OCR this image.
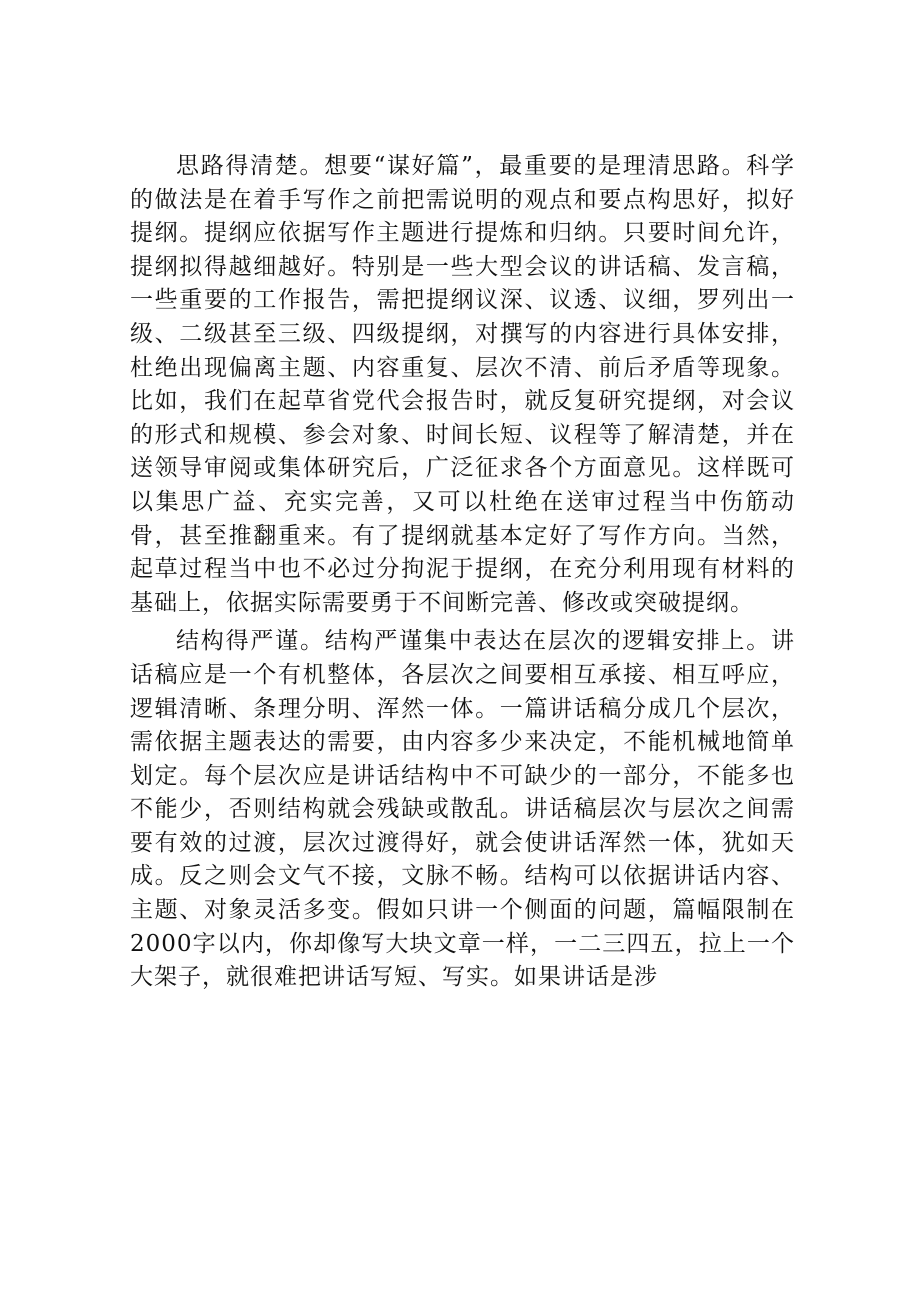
思路得清楚。想要“谋好篇”，最重要的是理清思路。科学的做法是在着手写作之前把需说明的观点和要点构思好，拟好提纲。提纲应依据写作主题进行提炼和归纳。只要时间允许，提纲拟得越细越好。特别是一些大型会议的讲话稿、发言稿，一些重要的工作报告，需把提纲议深、议透、议细，罗列出一级、二级甚至三级、四级提纲，对撰写的内容进行具体安排，杜绝出现偏离主题、内容重复、层次不清、前后矛盾等现象。比如，我们在起草省党代会报告时，就反复研究提纲，对会议的形式和规模、参会对象、时间长短、议程等了解清楚，并在送领导审阅或集体研究后，广泛征求各个方面意见。这样既可以集思广益、充实完善，又可以杜绝在送审过程当中伤筋动骨，甚至推翻重来。有了提纲就基本定好了写作方向。当然，起草过程当中也不必过分拘泥于提纲，在充分利用现有材料的基础上，依据实际需要勇于不间断完善、修改或突破提纲。

结构得严谨。结构严谨集中表达在层次的逻辑安排上。讲话稿应是一个有机整体，各层次之间要相互承接、相互呼应，逻辑清晰、条理分明、浑然一体。一篇讲话稿分成几个层次，需依据主题表达的需要，由内容多少来决定，不能机械地简单划定。每个层次应是讲话结构中不可缺少的一部分，不能多也不能少，否则结构就会残缺或散乱。讲话稿层次与层次之间需要有效的过渡，层次过渡得好，就会使讲话浑然一体，犹如天成。反之则会文气不接，文脉不畅。结构可以依据讲话内容、主题、对象灵活多变。假如只讲一个侧面的问题，篇幅限制在2000字以内，你却像写大块文章一样，一二三四五，拉上一个大架子，就很难把讲话写短、写实。如果讲话是涉
